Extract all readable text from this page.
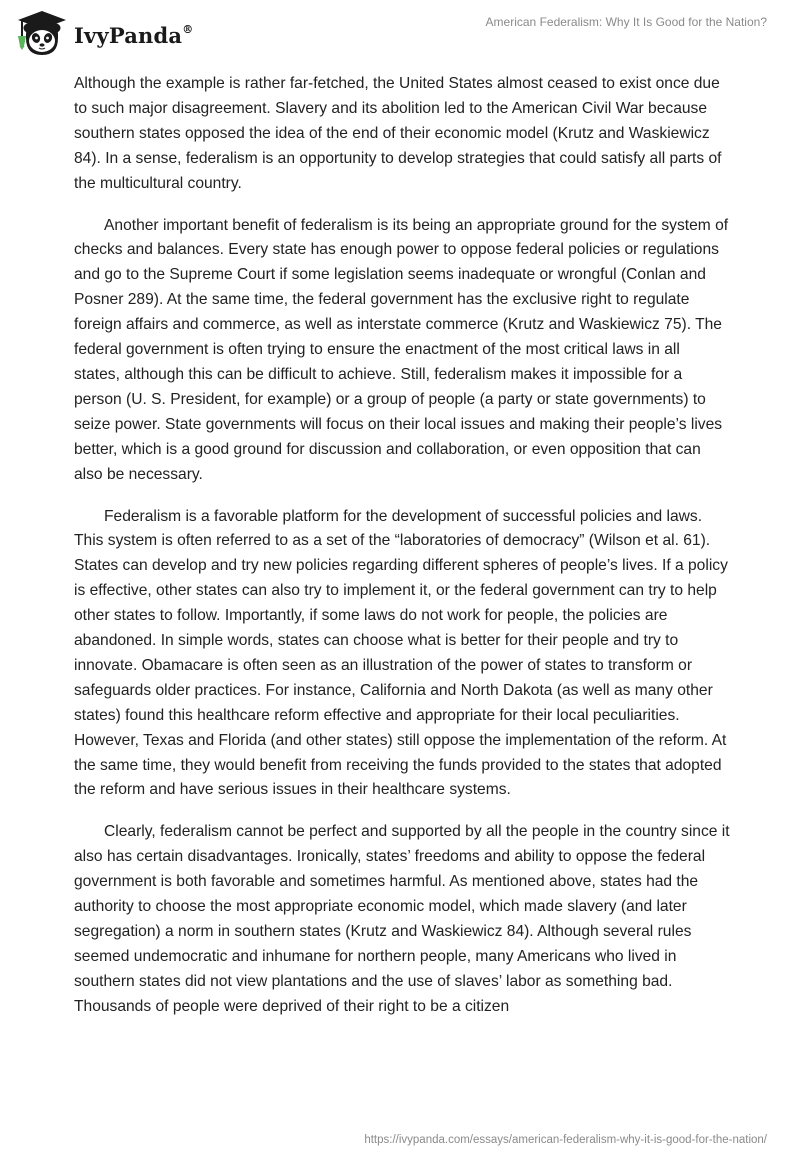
IvyPanda®	American Federalism: Why It Is Good for the Nation?

Although the example is rather far-fetched, the United States almost ceased to exist once due to such major disagreement. Slavery and its abolition led to the American Civil War because southern states opposed the idea of the end of their economic model (Krutz and Waskiewicz 84). In a sense, federalism is an opportunity to develop strategies that could satisfy all parts of the multicultural country.

Another important benefit of federalism is its being an appropriate ground for the system of checks and balances. Every state has enough power to oppose federal policies or regulations and go to the Supreme Court if some legislation seems inadequate or wrongful (Conlan and Posner 289). At the same time, the federal government has the exclusive right to regulate foreign affairs and commerce, as well as interstate commerce (Krutz and Waskiewicz 75). The federal government is often trying to ensure the enactment of the most critical laws in all states, although this can be difficult to achieve. Still, federalism makes it impossible for a person (U. S. President, for example) or a group of people (a party or state governments) to seize power. State governments will focus on their local issues and making their people’s lives better, which is a good ground for discussion and collaboration, or even opposition that can also be necessary.

Federalism is a favorable platform for the development of successful policies and laws. This system is often referred to as a set of the “laboratories of democracy” (Wilson et al. 61). States can develop and try new policies regarding different spheres of people’s lives. If a policy is effective, other states can also try to implement it, or the federal government can try to help other states to follow. Importantly, if some laws do not work for people, the policies are abandoned. In simple words, states can choose what is better for their people and try to innovate. Obamacare is often seen as an illustration of the power of states to transform or safeguards older practices. For instance, California and North Dakota (as well as many other states) found this healthcare reform effective and appropriate for their local peculiarities. However, Texas and Florida (and other states) still oppose the implementation of the reform. At the same time, they would benefit from receiving the funds provided to the states that adopted the reform and have serious issues in their healthcare systems.

Clearly, federalism cannot be perfect and supported by all the people in the country since it also has certain disadvantages. Ironically, states’ freedoms and ability to oppose the federal government is both favorable and sometimes harmful. As mentioned above, states had the authority to choose the most appropriate economic model, which made slavery (and later segregation) a norm in southern states (Krutz and Waskiewicz 84). Although several rules seemed undemocratic and inhumane for northern people, many Americans who lived in southern states did not view plantations and the use of slaves’ labor as something bad. Thousands of people were deprived of their right to be a citizen

https://ivypanda.com/essays/american-federalism-why-it-is-good-for-the-nation/
